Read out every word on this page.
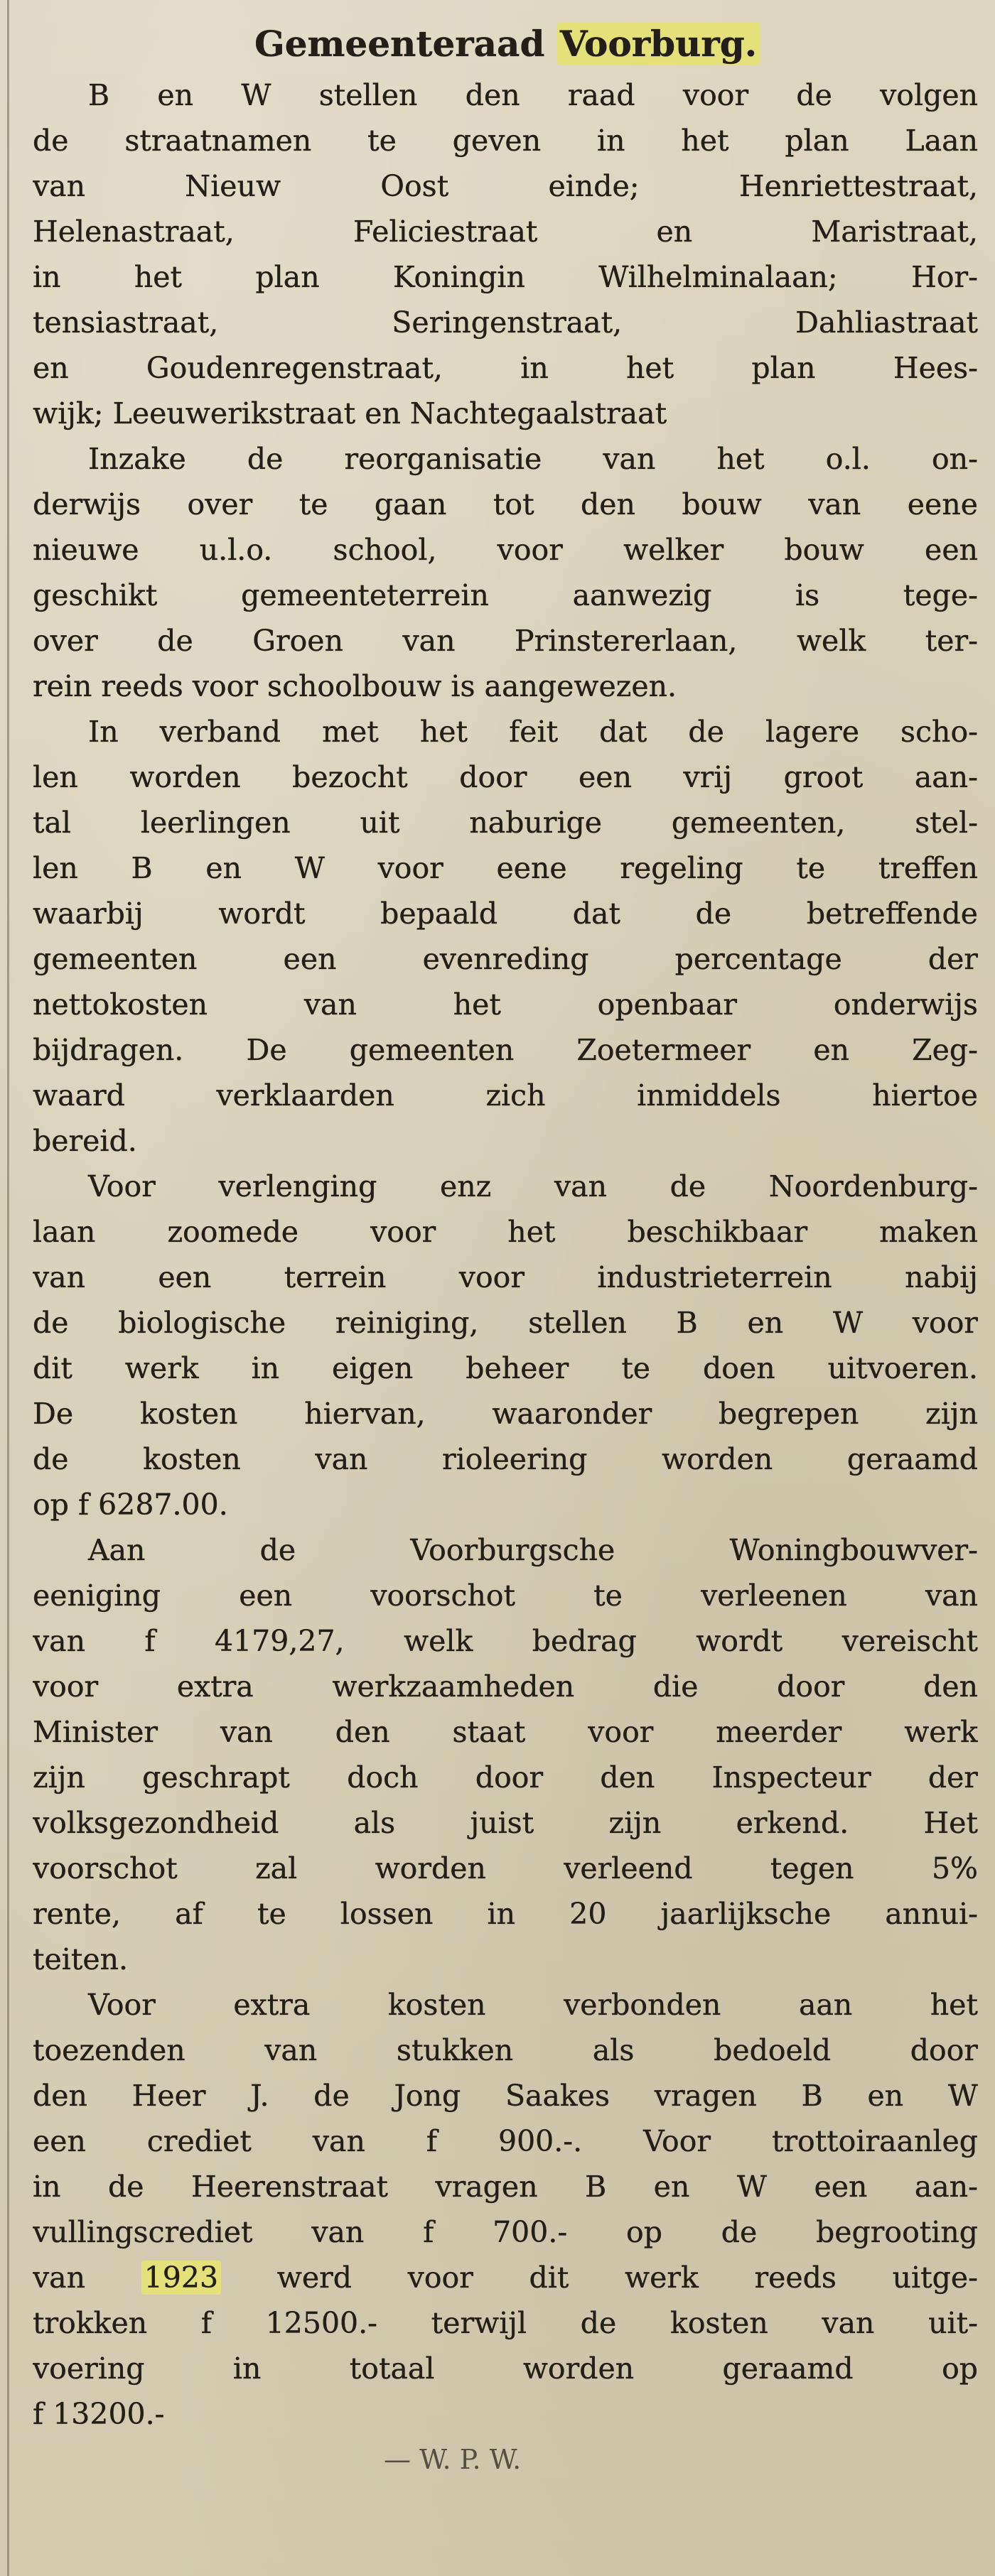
Gemeenteraad Voorburg.

B en W stellen den raad voor de volgen

de straatnamen te geven in het plan Laan

van Nieuw Oost einde; Henriettestraat,

Helenastraat, Feliciestraat en Maristraat,

in het plan Koningin Wilhelminalaan; Hor-

tensiastraat, Seringenstraat, Dahliastraat

en Goudenregenstraat, in het plan Hees-

wijk; Leeuwerikstraat en Nachtegaalstraat

Inzake de reorganisatie van het o.l. on-

derwijs over te gaan tot den bouw van eene

nieuwe u.l.o. school, voor welker bouw een

geschikt gemeenteterrein aanwezig is tege-

over de Groen van Prinstererlaan, welk ter-

rein reeds voor schoolbouw is aangewezen.

In verband met het feit dat de lagere scho-

len worden bezocht door een vrij groot aan-

tal leerlingen uit naburige gemeenten, stel-

len B en W voor eene regeling te treffen

waarbij wordt bepaald dat de betreffende

gemeenten een evenreding percentage der

nettokosten van het openbaar onderwijs

bijdragen. De gemeenten Zoetermeer en Zeg-

waard verklaarden zich inmiddels hiertoe

bereid.

Voor verlenging enz van de Noordenburg-

laan zoomede voor het beschikbaar maken

van een terrein voor industrieterrein nabij

de biologische reiniging, stellen B en W voor

dit werk in eigen beheer te doen uitvoeren.

De kosten hiervan, waaronder begrepen zijn

de kosten van rioleering worden geraamd

op f 6287.00.

Aan de Voorburgsche Woningbouwver-

eeniging een voorschot te verleenen van

van f 4179,27, welk bedrag wordt vereischt

voor extra werkzaamheden die door den

Minister van den staat voor meerder werk

zijn geschrapt doch door den Inspecteur der

volksgezondheid als juist zijn erkend. Het

voorschot zal worden verleend tegen 5%

rente, af te lossen in 20 jaarlijksche annui-

teiten.

Voor extra kosten verbonden aan het

toezenden van stukken als bedoeld door

den Heer J. de Jong Saakes vragen B en W

een crediet van f 900.-. Voor trottoiraanleg

in de Heerenstraat vragen B en W een aan-

vullingscrediet van f 700.- op de begrooting

van 1923 werd voor dit werk reeds uitge-

trokken f 12500.- terwijl de kosten van uit-

voering in totaal worden geraamd op

f 13200.-

— W. P. W.
